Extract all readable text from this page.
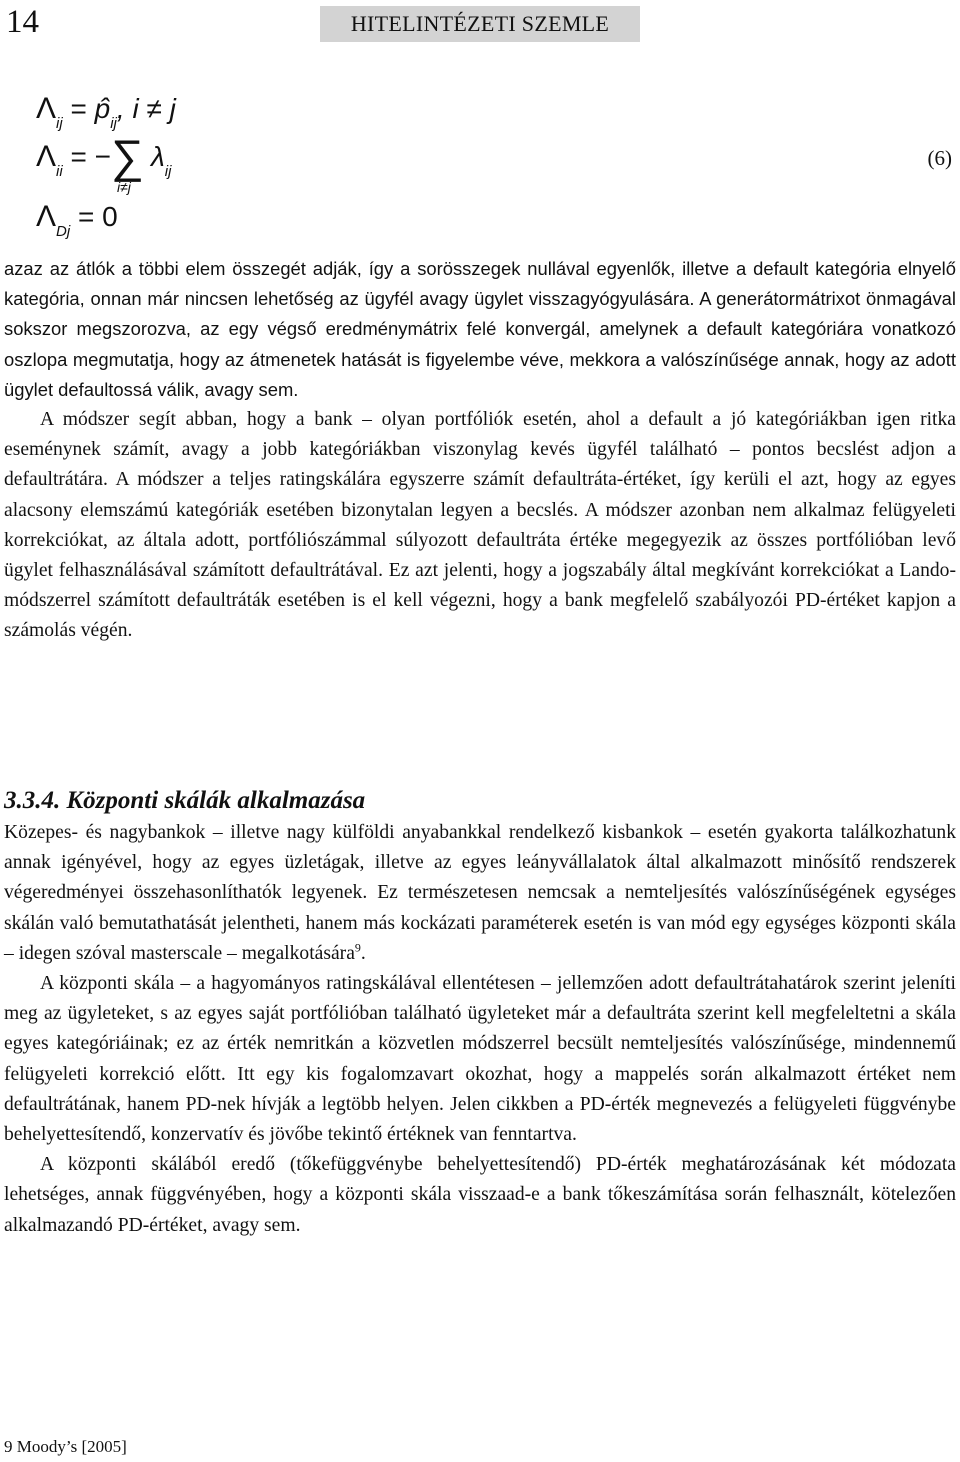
14	HITELINTÉZETI SZEMLE
$\Lambda_{ij}$ = $p̂_{ij}$, i ≠ j
$\Lambda_{ii}$ = − ∑
i≠j
$\lambda_{ij}$
$\Lambda_{Dj} = 0$
(6)

azaz az átlók a többi elem összegét adják, így a sorösszegek nullával egyenlők, illetve a default kategória elnyelő kategória, onnan már nincsen lehetőség az ügyfél avagy ügylet visszagyógyulására. A generátormátrixot önmagával sokszor megszorozva, az egy végső eredménymátrix felé konvergál, amelynek a default kategóriára vonatkozó oszlopa megmutatja, hogy az átmenetek hatását is figyelembe véve, mekkora a valószínűsége annak, hogy az adott ügylet defaultossá válik, avagy sem.

A módszer segít abban, hogy a bank – olyan portfóliók esetén, ahol a default a jó kategóriákban igen ritka eseménynek számít, avagy a jobb kategóriákban viszonylag kevés ügyfél található – pontos becslést adjon a defaultrátára. A módszer a teljes ratingskálára egyszerre számít defaultráta-értéket, így kerüli el azt, hogy az egyes alacsony elemszámú kategóriák esetében bizonytalan legyen a becslés. A módszer azonban nem alkalmaz felügyeleti korrekciókat, az általa adott, portfóliószámmal súlyozott defaultráta értéke megegyezik az összes portfólióban levő ügylet felhasználásával számított defaultrátával. Ez azt jelenti, hogy a jogszabály által megkívánt korrekciókat a Lando-módszerrel számított defaultráták esetében is el kell végezni, hogy a bank megfelelő szabályozói PD-értéket kapjon a számolás végén.

3.3.4. Központi skálák alkalmazása

Közepes- és nagybankok – illetve nagy külföldi anyabankkal rendelkező kisbankok – esetén gyakorta találkozhatunk annak igényével, hogy az egyes üzletágak, illetve az egyes leányvállalatok által alkalmazott minősítő rendszerek végeredményei összehasonlíthatók legyenek. Ez természetesen nemcsak a nemteljesítés valószínűségének egységes skálán való bemutathatását jelentheti, hanem más kockázati paraméterek esetén is van mód egy egységes központi skála – idegen szóval masterscale – megalkotására$^9$.

A központi skála – a hagyományos ratingskálával ellentétesen – jellemzően adott defaultrátahatárok szerint jeleníti meg az ügyleteket, s az egyes saját portfólióban található ügyleteket már a defaultráta szerint kell megfeleltetni a skála egyes kategóriáinak; ez az érték nemritkán a közvetlen módszerrel becsült nemteljesítés valószínűsége, mindennemű felügyeleti korrekció előtt. Itt egy kis fogalomzavart okozhat, hogy a mappelés során alkalmazott értéket nem defaultrátának, hanem PD-nek hívják a legtöbb helyen. Jelen cikkben a PD-érték megnevezés a felügyeleti függvénybe behelyettesítendő, konzervatív és jövőbe tekintő értéknek van fenntartva.

A központi skálából eredő (tőkefüggvénybe behelyettesítendő) PD-érték meghatározásának két módozata lehetséges, annak függvényében, hogy a központi skála visszaad-e a bank tőkeszámítása során felhasznált, kötelezően alkalmazandó PD-értéket, avagy sem.

9 Moody’s [2005]
